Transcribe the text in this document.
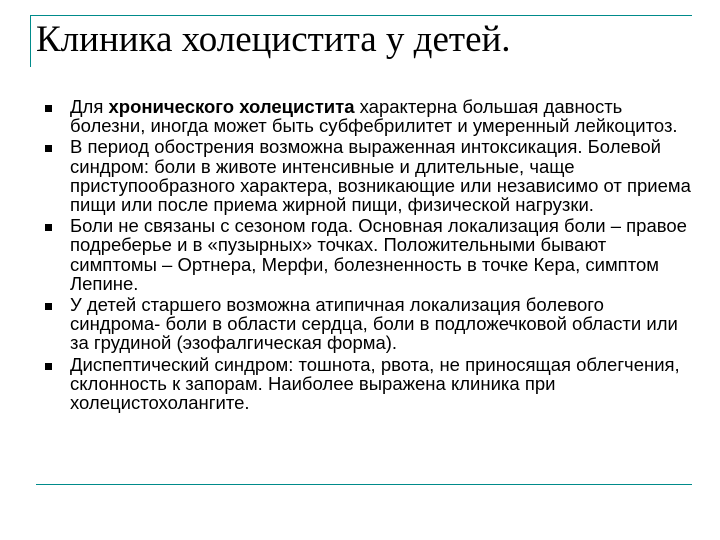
Клиника холецистита у детей.
Для хронического холецистита характерна большая давность болезни, иногда может быть субфебрилитет и умеренный лейкоцитоз.
В период обострения возможна выраженная интоксикация. Болевой синдром: боли в животе интенсивные и длительные, чаще приступообразного характера, возникающие или независимо от приема пищи или после приема жирной пищи, физической нагрузки.
Боли не связаны с сезоном года. Основная локализация боли – правое подреберье и в «пузырных» точках. Положительными бывают симптомы – Ортнера, Мерфи, болезненность в точке Кера, симптом Лепине.
У детей старшего возможна атипичная локализация болевого синдрома- боли в области сердца, боли в подложечковой области или за грудиной (эзофалгическая форма).
Диспептический синдром: тошнота, рвота, не приносящая облегчения, склонность к запорам. Наиболее выражена клиника при холецистохолангите.
